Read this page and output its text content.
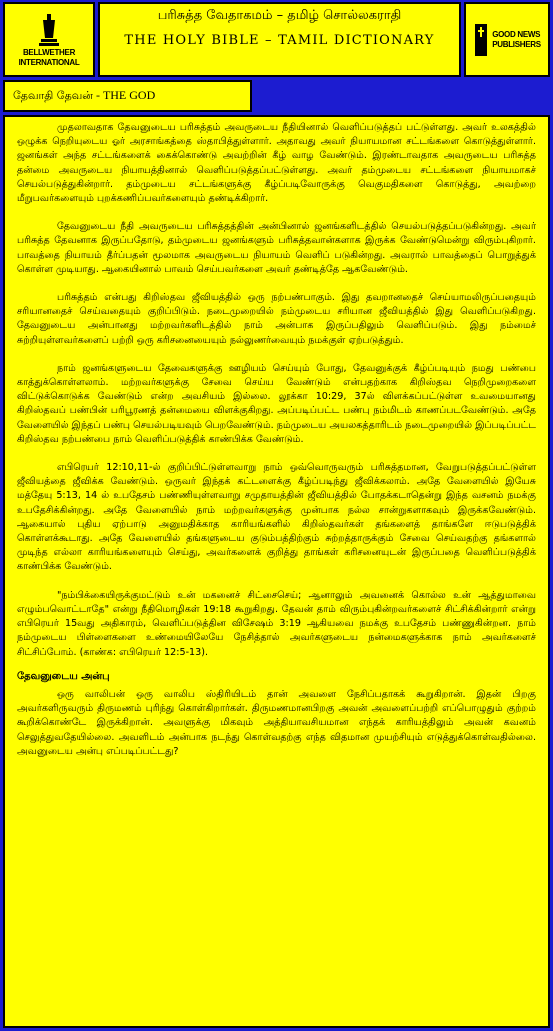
BELLWETHER
INTERNATIONAL
பரிசுத்த வேதாகமம் – தமிழ் சொல்லகராதி
THE HOLY BIBLE – TAMIL DICTIONARY	GOOD NEWS
PUBLISHERS
தேவாதி தேவன் - THE GOD

முதலாவதாக தேவனுடைய பரிசுத்தம் அவருடைய நீதியினால் வெளிப்படுத்தப் பட்டுள்ளது. அவர் உலகத்தில் ஒழுக்க நெறியுடைய ஓர் அரசாங்கத்தை ஸ்தாபித்துள்ளார். அதாவது அவர் நியாயமான சட்டங்களை கொடுத்துள்ளார். ஜனங்கள் அந்த சட்டங்களைக் கைக்கொண்டு அவற்றின் கீழ் வாழ வேண்டும். இரண்டாவதாக அவருடைய பரிசுத்த தன்மை அவருடைய நியாயத்தினால் வெளிப்படுத்தப்பட்டுள்ளது. அவர் தம்முடைய சட்டங்களை நியாயமாகச் செயல்படுத்துகின்றார். தம்முடைய சட்டங்களுக்கு கீழ்ப்படிவோருக்கு வெகுமதிகளை கொடுத்து, அவற்றை மீறுபவர்களையும் புறக்கணிப்பவர்களையும் தண்டிக்கிறார்.

தேவனுடைய நீதி அவருடைய பரிசுத்தத்தின் அன்பினால் ஜனங்களிடத்தில் செயல்படுத்தப்படுகின்றது. அவர் பரிசுத்த தேவனாக இருப்பதோடு, தம்முடைய ஜனங்களும் பரிசுத்தவான்களாக இருக்க வேண்டுமென்று விரும்புகிறார். பாவத்தை நியாயம் தீர்ப்பதன் மூலமாக அவருடைய நியாயம் வெளிப் படுகின்றது. அவரால் பாவத்தைப் பொறுத்துக் கொள்ள முடியாது. ஆகையினால் பாவம் செய்பவர்களை அவர் தண்டித்தே ஆகவேண்டும்.

பரிசுத்தம் என்பது கிறிஸ்தவ ஜீவியத்தில் ஒரு நற்பண்பாகும். இது தவறானதைச் செய்யாமலிருப்பதையும் சரியானதைச் செய்வதையும் குறிப்பிடும். நடைமுறையில் நம்முடைய சரியான ஜீவியத்தில் இது வெளிப்படுகிறது. தேவனுடைய அன்பானது மற்றவர்களிடத்தில் நாம் அன்பாக இருப்பதிலும் வெளிப்படும். இது நம்மைச் சுற்றியுள்ளவர்களைப் பற்றி ஒரு கரிசனையையும் நல்லுணர்வையும் நமக்குள் ஏற்படுத்தும்.

நாம் ஜனங்களுடைய தேவைகளுக்கு ஊழியம் செய்யும் போது, தேவனுக்குக் கீழ்ப்படியும் நமது பண்பை காத்துக்கொள்ளலாம். மற்றவர்களுக்கு சேவை செய்ய வேண்டும் என்பதற்காக கிறிஸ்தவ நெறிமுறைகளை விட்டுக்கொடுக்க வேண்டும் என்ற அவசியம் இல்லை. லூக்கா 10:29, 37ல் விளக்கப்பட்டுள்ள உவமையானது கிறிஸ்தவப் பண்பின் பரிபூரணத் தன்மையை விளக்குகிறது. அப்படிப்பட்ட பண்பு நம்மிடம் காணப்படவேண்டும். அதே வேளையில் இந்தப் பண்பு செயல்படியவும் பெறவேண்டும். நம்முடைய அயலகத்தாரிடம் நடைமுறையில் இப்படிப்பட்ட கிறிஸ்தவ நற்பண்பை நாம் வெளிப்படுத்திக் காண்பிக்க வேண்டும்.

எபிரெயர் 12:10,11-ல் குறிப்பிட்டுள்ளவாறு நாம் ஒவ்வொருவரும் பரிசுத்தமான, வேறுபடுத்தப்பட்டுள்ள ஜீவியத்தை ஜீவிக்க வேண்டும். ஒருவர் இந்தக் கட்டளைக்கு கீழ்ப்படிந்து ஜீவிக்கலாம். அதே வேளையில் இயேசு மத்தேயு 5:13, 14 ல் உபதேசம் பண்ணியுள்ளவாறு சமுதாயத்தின் ஜீவியத்தில் போதக்கடாதென்று இந்த வசனம் நமக்கு உபதேசிக்கின்றது. அதே வேளையில் நாம் மற்றவர்களுக்கு முன்பாக நல்ல சான்றுகளாகவும் இருக்கவேண்டும். ஆகையால் புதிய ஏற்பாடு அனுமதிக்காத காரியங்களில் கிறிஸ்தவர்கள் தங்களைத் தாங்களே ஈடுபடுத்திக் கொள்ளக்கூடாது. அதே வேளையில் தங்களுடைய குடும்பத்திற்கும் சுற்றத்தாருக்கும் சேவை செய்வதற்கு தங்களால் முடிந்த எல்லா காரியங்களையும் செய்து, அவர்களைக் குறித்து தாங்கள் கரிசனையுடன் இருப்பதை வெளிப்படுத்திக் காண்பிக்க வேண்டும்.

"நம்பிக்கையிருக்குமட்டும் உன் மகனைச் சிட்சைசெய்; ஆனாலும் அவனைக் கொல்ல உன் ஆத்துமாவை எழும்பவொட்டாதே" என்று நீதிமொழிகள் 19:18 கூறுகிறது. தேவன் தாம் விரும்புகின்றவர்களைச் சிட்சிக்கின்றார் என்று எபிரெயர் 15வது அதிகாரம், வெளிப்படுத்தின விசேஷம் 3:19 ஆகியவை நமக்கு உபதேசம் பண்ணுகின்றன. நாம் நம்முடைய பிள்ளைகளை உண்மையிலேயே நேசித்தால் அவர்களுடைய நன்மைகளுக்காக நாம் அவர்களைச் சிட்சிப்போம். (காண்க: எபிரெயர் 12:5-13).

தேவனுடைய அன்பு

ஒரு வாலிபன் ஒரு வாலிப ஸ்திரியிடம் தான் அவளை நேசிப்பதாகக் கூறுகிறான். இதன் பிறகு அவர்களிருவரும் திருமணம் புரிந்து கொள்கிறார்கள். திருமணமானபிறகு அவன் அவளைப்பற்றி எப்பொழுதும் குற்றம் கூறிக்கொண்டே இருக்கிறான். அவளுக்கு மிகவும் அத்தியாவசியமான எந்தக் காரியத்திலும் அவன் கவனம் செலுத்துவதேயில்லை. அவளிடம் அன்பாக நடந்து கொள்வதற்கு எந்த விதமான முயற்சியும் எடுத்துக்கொள்வதில்லை. அவனுடைய அன்பு எப்படிப்பட்டது?
